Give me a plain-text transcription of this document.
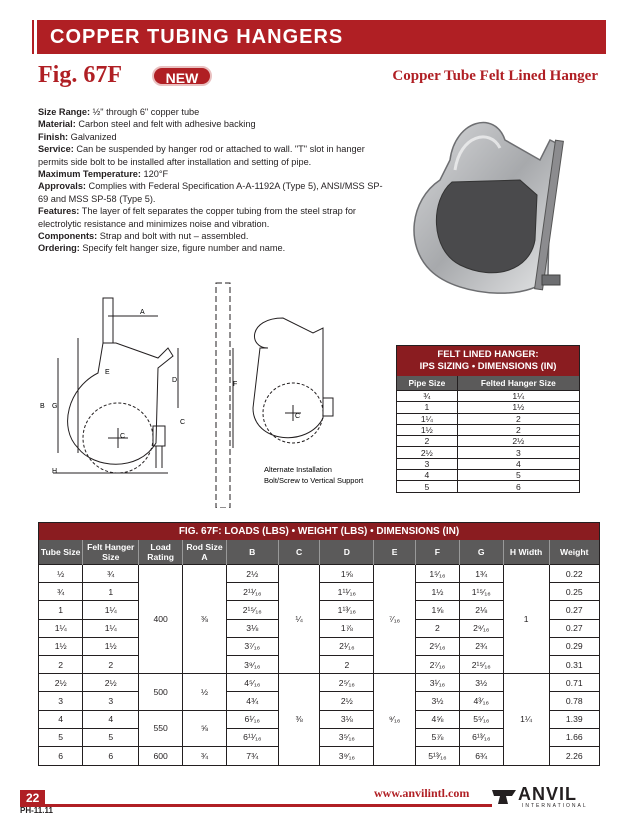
COPPER TUBING HANGERS
Fig. 67F	NEW	Copper Tube Felt Lined Hanger

Size Range: ½" through 6" copper tube

Material: Carbon steel and felt with adhesive backing

Finish: Galvanized

Service: Can be suspended by hanger rod or attached to wall. "T" slot in hanger permits side bolt to be installed after installation and setting of pipe.

Maximum Temperature: 120°F

Approvals: Complies with Federal Specification A-A-1192A (Type 5), ANSI/MSS SP-69 and MSS SP-58 (Type 5).

Features: The layer of felt separates the copper tubing from the steel strap for electrolytic resistance and minimizes noise and vibration.

Components: Strap and bolt with nut – assembled.

Ordering: Specify felt hanger size, figure number and name.

A
B G
E
D
C
H
F
C
C
Alternate Installation
Bolt/Screw to Vertical Support
FELT LINED HANGER:
IPS SIZING • DIMENSIONS (IN)
Pipe Size	Felted Hanger Size
¾	1¼
1	1½
1¼	2
1½	2
2	2½
2½	3
3	4
4	5
5	6
FIG. 67F: LOADS (LBS) • WEIGHT (LBS) • DIMENSIONS (IN)
Tube Size	Felt Hanger Size	Load Rating	Rod Size A	B	C	D	E	F	G	H Width	Weight
½	¾	400	⅜	2½	¼	1⅝	⁷⁄₁₆	1⁵⁄₁₆	1¾	1	0.22
¾	1			2¹¹⁄₁₆		1¹¹⁄₁₆		1½	1¹⁵⁄₁₆		0.25
1	1¼			2¹⁵⁄₁₆		1¹³⁄₁₆		1⅝	2⅛		0.27
1¼	1¼			3⅛		1⅞		2	2⁹⁄₁₆		0.27
1½	1½			3⁷⁄₁₆		2¹⁄₁₆		2⁵⁄₁₆	2¾		0.29
2	2			3⁹⁄₁₆		2		2⁷⁄₁₆	2¹⁵⁄₁₆		0.31
2½	2½	500	½	4⁵⁄₁₆	⅜	2⁵⁄₁₆	⁹⁄₁₆	3¹⁄₁₆	3½	1¼	0.71
3	3			4¾		2½		3½	4³⁄₁₆		0.78
4	4	550	⅝	6¹⁄₁₆		3⅛		4⅝	5⁵⁄₁₆		1.39
5	5			6¹¹⁄₁₆		3⁵⁄₁₆		5⅞	6¹³⁄₁₆		1.66
6	6	600	¾	7¾		3⁹⁄₁₆		5¹³⁄₁₆	6¾		2.26
22
PH-11.11
www.anvilintl.com	ANVIL
INTERNATIONAL
